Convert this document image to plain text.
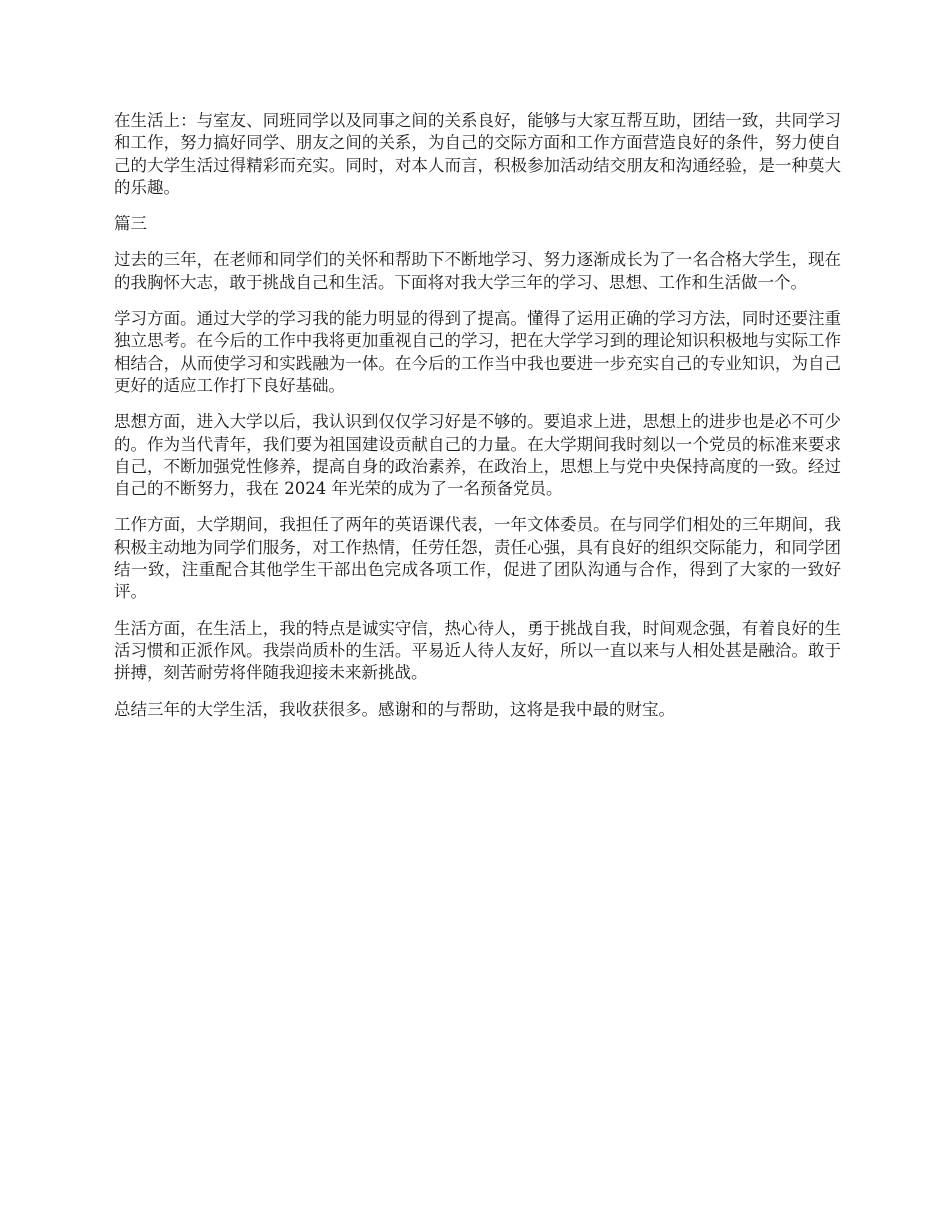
在生活上：与室友、同班同学以及同事之间的关系良好，能够与大家互帮互助，团结一致，共同学习和工作，努力搞好同学、朋友之间的关系，为自己的交际方面和工作方面营造良好的条件，努力使自己的大学生活过得精彩而充实。同时，对本人而言，积极参加活动结交朋友和沟通经验，是一种莫大的乐趣。

篇三

过去的三年，在老师和同学们的关怀和帮助下不断地学习、努力逐渐成长为了一名合格大学生，现在的我胸怀大志，敢于挑战自己和生活。下面将对我大学三年的学习、思想、工作和生活做一个。

学习方面。通过大学的学习我的能力明显的得到了提高。懂得了运用正确的学习方法，同时还要注重独立思考。在今后的工作中我将更加重视自己的学习，把在大学学习到的理论知识积极地与实际工作相结合，从而使学习和实践融为一体。在今后的工作当中我也要进一步充实自己的专业知识，为自己更好的适应工作打下良好基础。

思想方面，进入大学以后，我认识到仅仅学习好是不够的。要追求上进，思想上的进步也是必不可少的。作为当代青年，我们要为祖国建设贡献自己的力量。在大学期间我时刻以一个党员的标准来要求自己，不断加强党性修养，提高自身的政治素养，在政治上，思想上与党中央保持高度的一致。经过自己的不断努力，我在 2024 年光荣的成为了一名预备党员。

工作方面，大学期间，我担任了两年的英语课代表，一年文体委员。在与同学们相处的三年期间，我积极主动地为同学们服务，对工作热情，任劳任怨，责任心强，具有良好的组织交际能力，和同学团结一致，注重配合其他学生干部出色完成各项工作，促进了团队沟通与合作，得到了大家的一致好评。

生活方面，在生活上，我的特点是诚实守信，热心待人，勇于挑战自我，时间观念强，有着良好的生活习惯和正派作风。我崇尚质朴的生活。平易近人待人友好，所以一直以来与人相处甚是融洽。敢于拼搏，刻苦耐劳将伴随我迎接未来新挑战。

总结三年的大学生活，我收获很多。感谢和的与帮助，这将是我中最的财宝。
